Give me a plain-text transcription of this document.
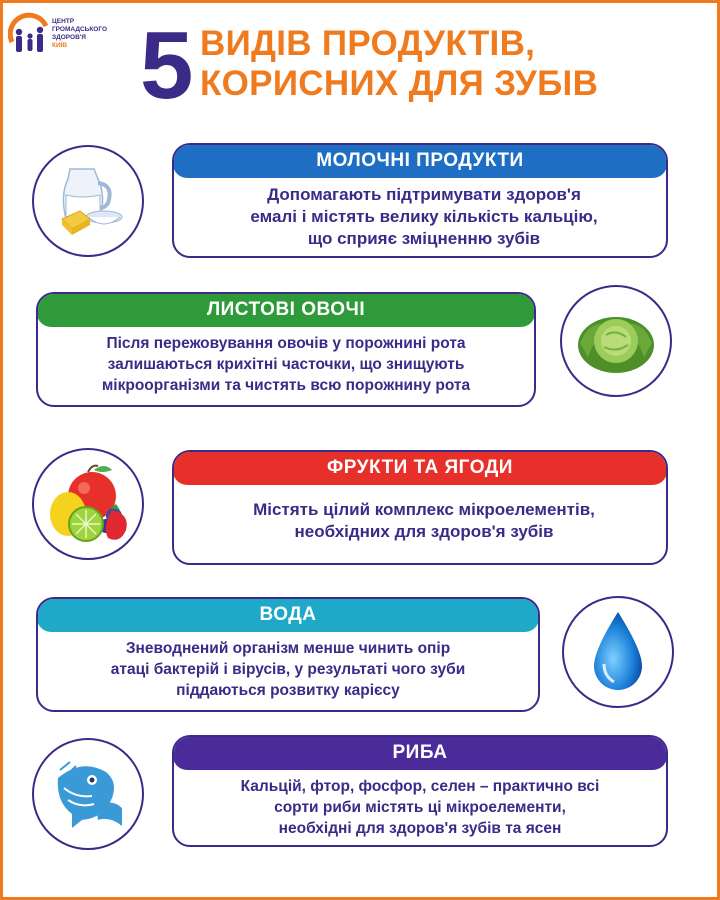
ЦЕНТР
ГРОМАДСЬКОГО
ЗДОРОВ'Я
КИЇВ 5 ВИДІВ ПРОДУКТІВ,
КОРИСНИХ ДЛЯ ЗУБІВ
МОЛОЧНІ ПРОДУКТИ
Допомагають підтримувати здоров'я
емалі і містять велику кількість кальцію,
що сприяє зміцненню зубів
ЛИСТОВІ ОВОЧІ
Після пережовування овочів у порожнині рота
залишаються крихітні часточки, що знищують
мікроорганізми та чистять всю порожнину рота
ФРУКТИ ТА ЯГОДИ
Містять цілий комплекс мікроелементів,
необхідних для здоров'я зубів
ВОДА
Зневоднений організм менше чинить опір
атаці бактерій і вірусів, у результаті чого зуби
піддаються розвитку карієсу
РИБА
Кальцій, фтор, фосфор, селен – практично всі
сорти риби містять ці мікроелементи,
необхідні для здоров'я зубів та ясен
